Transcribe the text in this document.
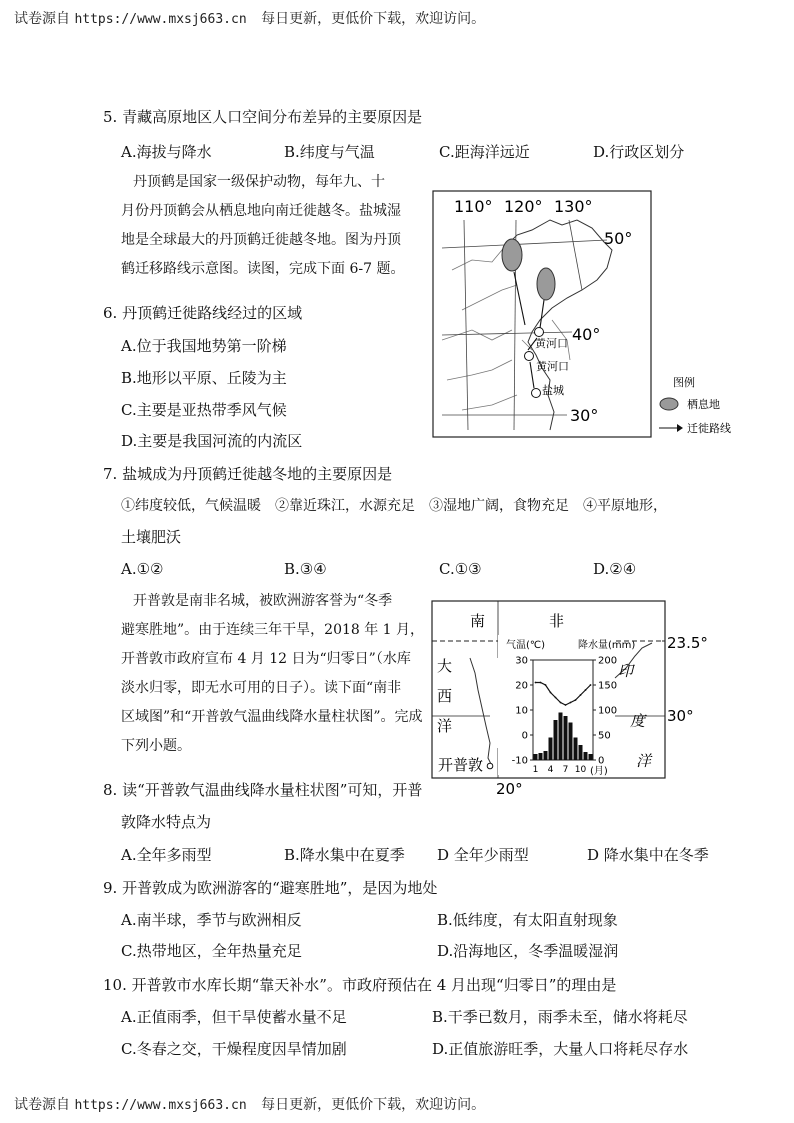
试卷源自 https://www.mxsj663.cn 每日更新，更低价下载，欢迎访问。
5. 青藏高原地区人口空间分布差异的主要原因是
A.海拔与降水	B.纬度与气温	C.距海洋远近	D.行政区划分
丹顶鹤是国家一级保护动物，每年九、十
月份丹顶鹤会从栖息地向南迁徙越冬。盐城湿
地是全球最大的丹顶鹤迁徙越冬地。图为丹顶
鹤迁移路线示意图。读图，完成下面 6-7 题。
110° 120° 130°
50°
40°
30°
黄河口
黄河口
盐城
图例
栖息地
迁徙路线
6. 丹顶鹤迁徙路线经过的区域
A.位于我国地势第一阶梯
B.地形以平原、丘陵为主
C.主要是亚热带季风气候
D.主要是我国河流的内流区
7. 盐城成为丹顶鹤迁徙越冬地的主要原因是
①纬度较低，气候温暖　②靠近珠江，水源充足　③湿地广阔，食物充足　④平原地形，
土壤肥沃
A.①②	B.③④	C.①③	D.②④
开普敦是南非名城，被欧洲游客誉为“冬季
避寒胜地”。由于连续三年干旱，2018 年 1 月，
开普敦市政府宣布 4 月 12 日为“归零日”（水库
淡水归零，即无水可用的日子）。读下面“南非
区域图”和“开普敦气温曲线降水量柱状图”。完成
下列小题。
南	非
大
西
洋
印
度
洋
开普敦
23.5°
30°
20°
气温(℃)	降水量(mm)
30
20
10
0
-10
200
150
100
50
0
1 4 7 10 (月)
8. 读“开普敦气温曲线降水量柱状图”可知，开普
敦降水特点为
A.全年多雨型	B.降水集中在夏季 D 全年少雨型	D 降水集中在冬季
9. 开普敦成为欧洲游客的“避寒胜地”，是因为地处
A.南半球，季节与欧洲相反	B.低纬度，有太阳直射现象
C.热带地区，全年热量充足	D.沿海地区，冬季温暖湿润
10. 开普敦市水库长期“靠天补水”。市政府预估在 4 月出现“归零日”的理由是
A.正值雨季，但干旱使蓄水量不足	B.干季已数月，雨季未至，储水将耗尽
C.冬春之交，干燥程度因旱情加剧	D.正值旅游旺季，大量人口将耗尽存水
试卷源自 https://www.mxsj663.cn 每日更新，更低价下载，欢迎访问。
